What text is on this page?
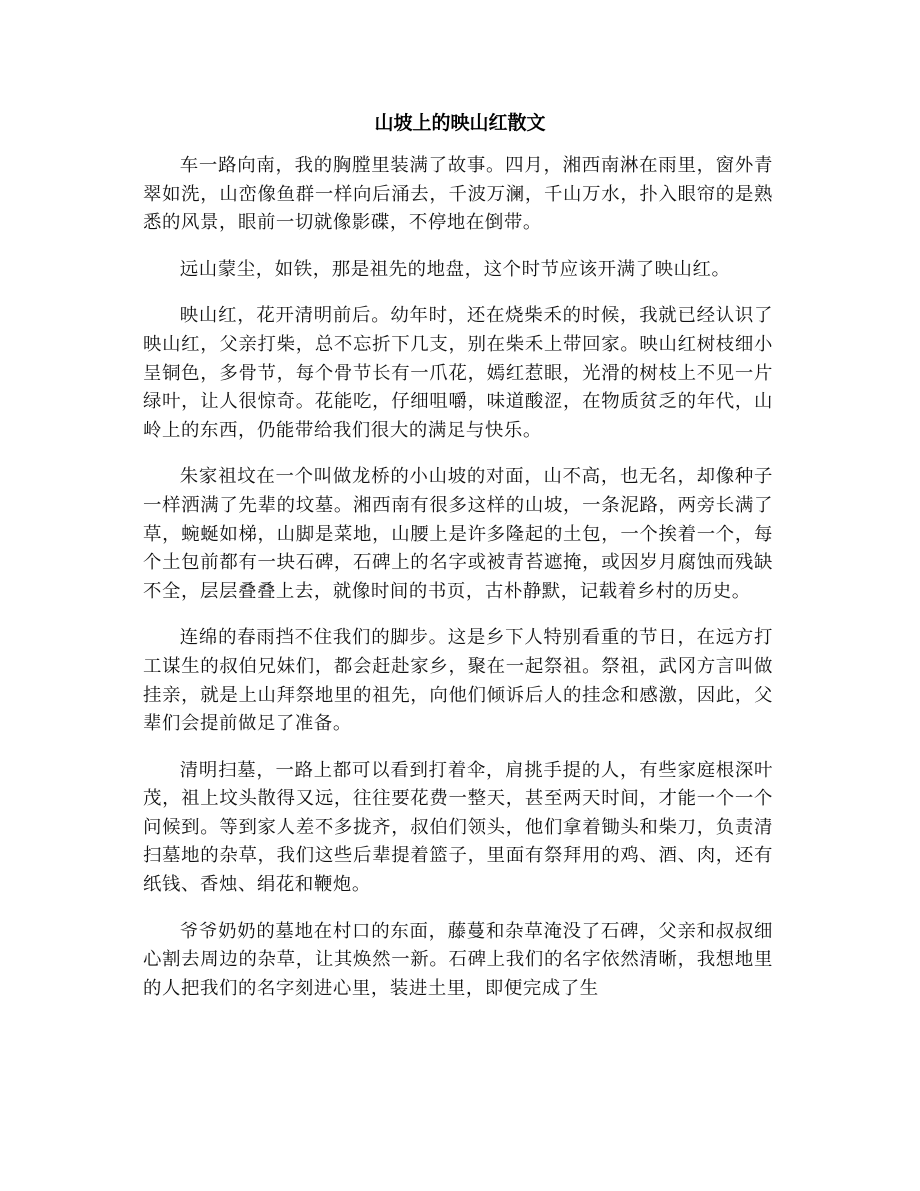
山坡上的映山红散文

车一路向南，我的胸膛里装满了故事。四月，湘西南淋在雨里，窗外青翠如洗，山峦像鱼群一样向后涌去，千波万澜，千山万水，扑入眼帘的是熟悉的风景，眼前一切就像影碟，不停地在倒带。

远山蒙尘，如铁，那是祖先的地盘，这个时节应该开满了映山红。

映山红，花开清明前后。幼年时，还在烧柴禾的时候，我就已经认识了映山红，父亲打柴，总不忘折下几支，别在柴禾上带回家。映山红树枝细小呈铜色，多骨节，每个骨节长有一爪花，嫣红惹眼，光滑的树枝上不见一片绿叶，让人很惊奇。花能吃，仔细咀嚼，味道酸涩，在物质贫乏的年代，山岭上的东西，仍能带给我们很大的满足与快乐。

朱家祖坟在一个叫做龙桥的小山坡的对面，山不高，也无名，却像种子一样洒满了先辈的坟墓。湘西南有很多这样的山坡，一条泥路，两旁长满了草，蜿蜒如梯，山脚是菜地，山腰上是许多隆起的土包，一个挨着一个，每个土包前都有一块石碑，石碑上的名字或被青苔遮掩，或因岁月腐蚀而残缺不全，层层叠叠上去，就像时间的书页，古朴静默，记载着乡村的历史。

连绵的春雨挡不住我们的脚步。这是乡下人特别看重的节日，在远方打工谋生的叔伯兄妹们，都会赶赴家乡，聚在一起祭祖。祭祖，武冈方言叫做挂亲，就是上山拜祭地里的祖先，向他们倾诉后人的挂念和感激，因此，父辈们会提前做足了准备。

清明扫墓，一路上都可以看到打着伞，肩挑手提的人，有些家庭根深叶茂，祖上坟头散得又远，往往要花费一整天，甚至两天时间，才能一个一个问候到。等到家人差不多拢齐，叔伯们领头，他们拿着锄头和柴刀，负责清扫墓地的杂草，我们这些后辈提着篮子，里面有祭拜用的鸡、酒、肉，还有纸钱、香烛、绢花和鞭炮。

爷爷奶奶的墓地在村口的东面，藤蔓和杂草淹没了石碑，父亲和叔叔细心割去周边的杂草，让其焕然一新。石碑上我们的名字依然清晰，我想地里的人把我们的名字刻进心里，装进土里，即便完成了生
